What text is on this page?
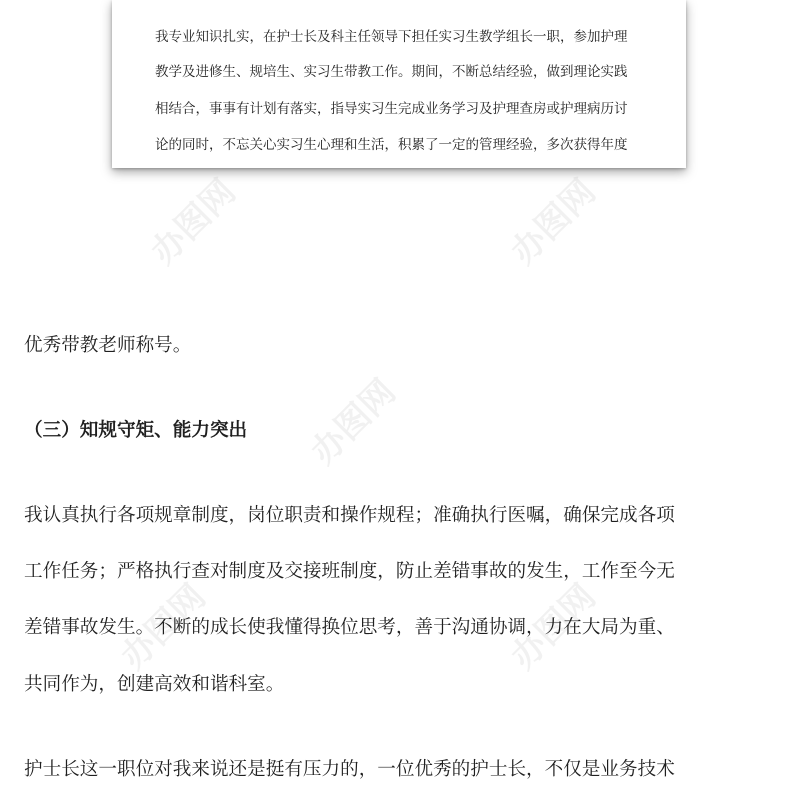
办图网	办图网
办图网
办图网	办图网
我专业知识扎实，在护士长及科主任领导下担任实习生教学组长一职，参加护理
教学及进修生、规培生、实习生带教工作。期间，不断总结经验，做到理论实践
相结合，事事有计划有落实，指导实习生完成业务学习及护理查房或护理病历讨
论的同时，不忘关心实习生心理和生活，积累了一定的管理经验，多次获得年度
优秀带教老师称号。
（三）知规守矩、能力突出
我认真执行各项规章制度，岗位职责和操作规程；准确执行医嘱，确保完成各项
工作任务；严格执行查对制度及交接班制度，防止差错事故的发生，工作至今无
差错事故发生。不断的成长使我懂得换位思考，善于沟通协调，力在大局为重、
共同作为，创建高效和谐科室。
护士长这一职位对我来说还是挺有压力的，一位优秀的护士长，不仅是业务技术
